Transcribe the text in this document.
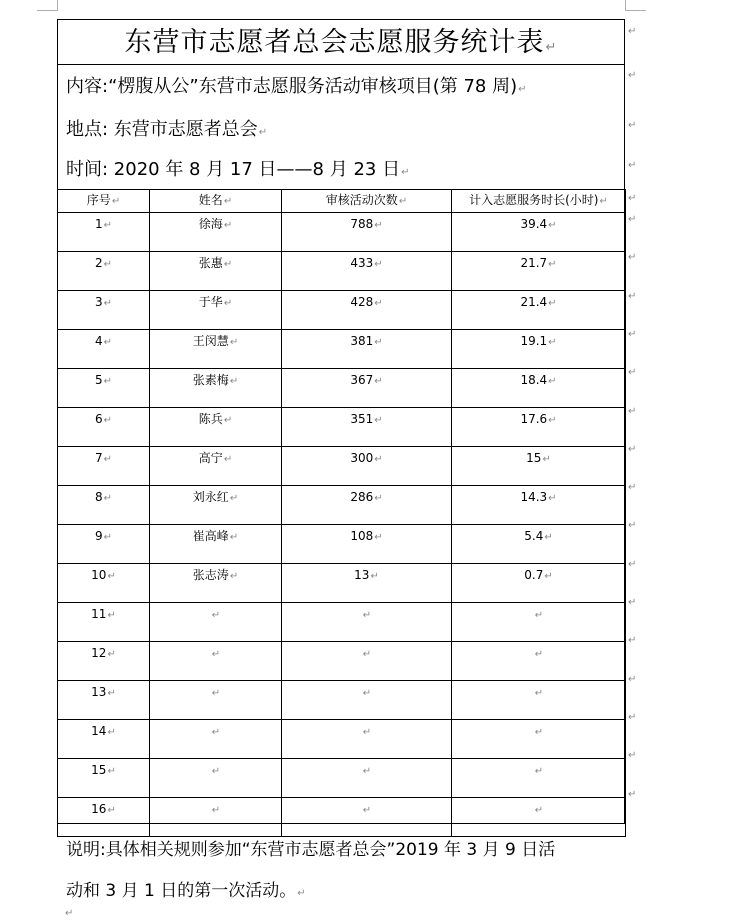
东营市志愿者总会志愿服务统计表↵
内容:“楞腹从公”东营市志愿服务活动审核项目(第 78 周)↵
地点: 东营市志愿者总会↵
时间: 2020 年 8 月 17 日——8 月 23 日↵
↵
↵
↵
↵
↵
↵
↵
↵
↵
↵
↵
↵
↵
↵
↵
↵
↵
↵
↵
↵
↵
序号↵	姓名↵	审核活动次数↵	计入志愿服务时长(小时)↵
1↵	徐海↵	788↵	39.4↵
2↵	张惠↵	433↵	21.7↵
3↵	于华↵	428↵	21.4↵
4↵	王闵慧↵	381↵	19.1↵
5↵	张素梅↵	367↵	18.4↵
6↵	陈兵↵	351↵	17.6↵
7↵	高宁↵	300↵	15↵
8↵	刘永红↵	286↵	14.3↵
9↵	崔高峰↵	108↵	5.4↵
10↵	张志涛↵	13↵	0.7↵
11↵	↵	↵	↵
12↵	↵	↵	↵
13↵	↵	↵	↵
14↵	↵	↵	↵
15↵	↵	↵	↵
16↵	↵	↵	↵
说明:具体相关规则参加“东营市志愿者总会”2019 年 3 月 9 日活
动和 3 月 1 日的第一次活动。↵
↵
